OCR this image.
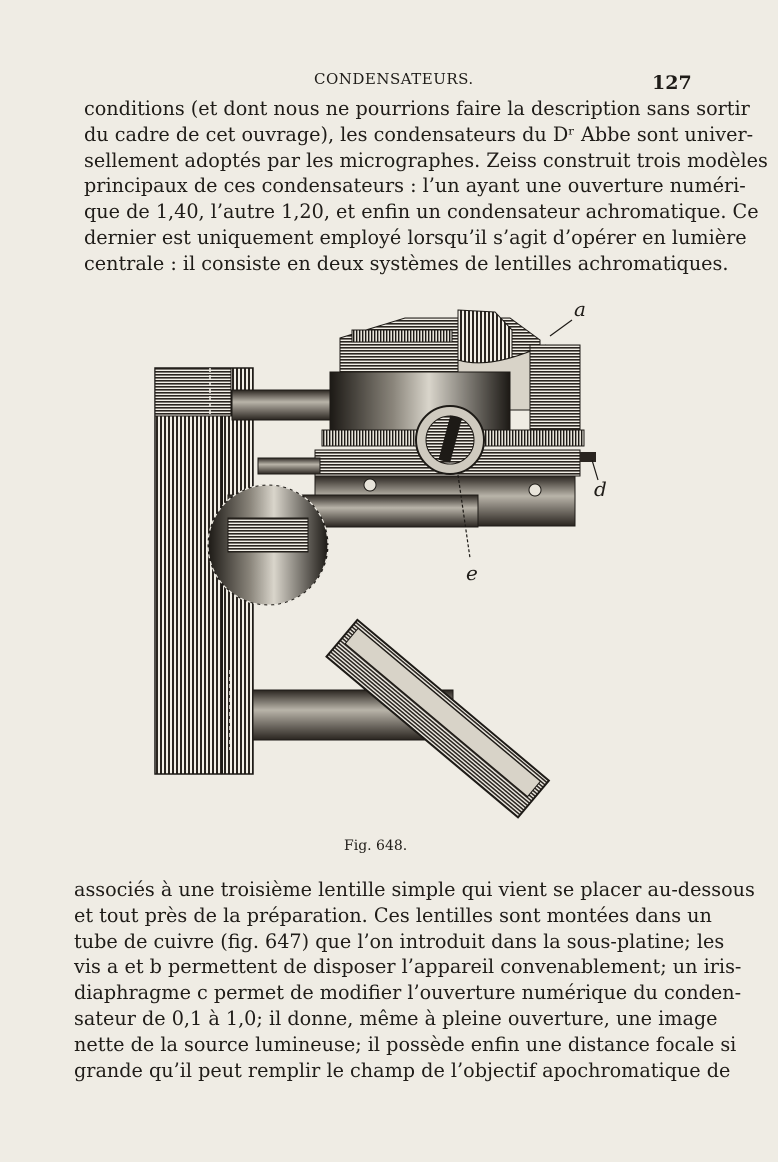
CONDENSATEURS.	127
conditions (et dont nous ne pourrions faire la description sans sortir
du cadre de cet ouvrage), les condensateurs du Dʳ Abbe sont univer-
sellement adoptés par les micrographes. Zeiss construit trois modèles
principaux de ces condensateurs : l’un ayant une ouverture numéri-
que de 1,40, l’autre 1,20, et enfin un condensateur achromatique. Ce
dernier est uniquement employé lorsqu’il s’agit d’opérer en lumière
centrale : il consiste en deux systèmes de lentilles achromatiques.
a
d
e
Fig. 648.
associés à une troisième lentille simple qui vient se placer au-dessous
et tout près de la préparation. Ces lentilles sont montées dans un
tube de cuivre (fig. 647) que l’on introduit dans la sous-platine; les
vis a et b permettent de disposer l’appareil convenablement; un iris-
diaphragme c permet de modifier l’ouverture numérique du conden-
sateur de 0,1 à 1,0; il donne, même à pleine ouverture, une image
nette de la source lumineuse; il possède enfin une distance focale si
grande qu’il peut remplir le champ de l’objectif apochromatique de
